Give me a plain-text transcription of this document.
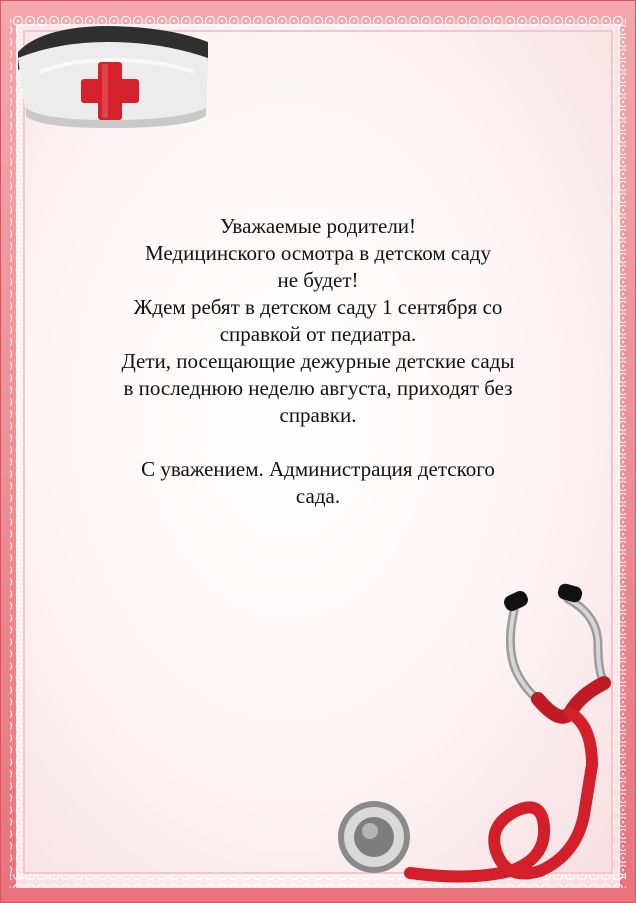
Уважаемые родители!
Медицинского осмотра в детском саду
не будет!
Ждем ребят в детском саду 1 сентября со
справкой от педиатра.
Дети, посещающие дежурные детские сады
в последнюю неделю августа, приходят без
справки.
С уважением. Администрация детского
сада.
